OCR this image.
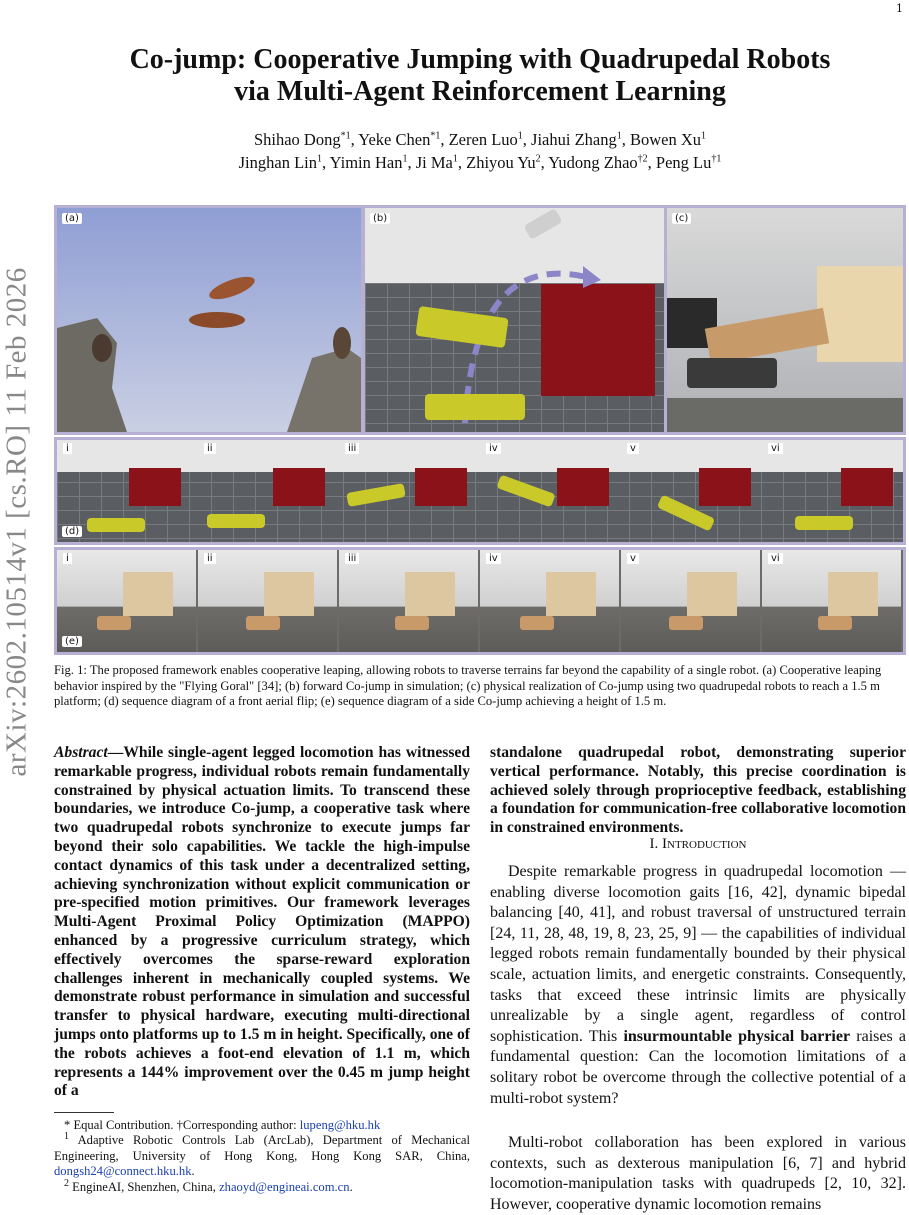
1
arXiv:2602.10514v1 [cs.RO] 11 Feb 2026
Co-jump: Cooperative Jumping with Quadrupedal Robots
via Multi-Agent Reinforcement Learning
Shihao Dong$^{*1}$, Yeke Chen$^{*1}$, Zeren Luo$^1$, Jiahui Zhang$^1$, Bowen Xu$^1$
Jinghan Lin$^1$, Yimin Han$^1$, Ji Ma$^1$, Zhiyou Yu$^2$, Yudong Zhao$^{\dagger 2}$, Peng Lu$^{\dagger 1}$
(a)	(b)	(c)
i	ii	iii	iv	v	vi
(d)
i	ii	iii	iv	v	vi
(e)
Fig. 1: The proposed framework enables cooperative leaping, allowing robots to traverse terrains far beyond the capability of a single robot. (a) Cooperative leaping behavior inspired by the "Flying Goral" [34]; (b) forward Co-jump in simulation; (c) physical realization of Co-jump using two quadrupedal robots to reach a 1.5 m platform; (d) sequence diagram of a front aerial flip; (e) sequence diagram of a side Co-jump achieving a height of 1.5 m.
Abstract—While single-agent legged locomotion has witnessed remarkable progress, individual robots remain fundamentally constrained by physical actuation limits. To transcend these boundaries, we introduce Co-jump, a cooperative task where two quadrupedal robots synchronize to execute jumps far beyond their solo capabilities. We tackle the high-impulse contact dynamics of this task under a decentralized setting, achieving synchronization without explicit communication or pre-specified motion primitives. Our framework leverages Multi-Agent Proximal Policy Optimization (MAPPO) enhanced by a progressive curriculum strategy, which effectively overcomes the sparse-reward exploration challenges inherent in mechanically coupled systems. We demonstrate robust performance in simulation and successful transfer to physical hardware, executing multi-directional jumps onto platforms up to 1.5 m in height. Specifically, one of the robots achieves a foot-end elevation of 1.1 m, which represents a 144% improvement over the 0.45 m jump height of a
standalone quadrupedal robot, demonstrating superior vertical performance. Notably, this precise coordination is achieved solely through proprioceptive feedback, establishing a foundation for communication-free collaborative locomotion in constrained environments.
I. Introduction
Despite remarkable progress in quadrupedal locomotion — enabling diverse locomotion gaits [16, 42], dynamic bipedal balancing [40, 41], and robust traversal of unstructured terrain [24, 11, 28, 48, 19, 8, 23, 25, 9] — the capabilities of individual legged robots remain fundamentally bounded by their physical scale, actuation limits, and energetic constraints. Consequently, tasks that exceed these intrinsic limits are physically unrealizable by a single agent, regardless of control sophistication. This insurmountable physical barrier raises a fundamental question: Can the locomotion limitations of a solitary robot be overcome through the collective potential of a multi-robot system?
Multi-robot collaboration has been explored in various contexts, such as dexterous manipulation [6, 7] and hybrid locomotion-manipulation tasks with quadrupeds [2, 10, 32]. However, cooperative dynamic locomotion remains
* Equal Contribution. †Corresponding author: lupeng@hku.hk
$^1$ Adaptive Robotic Controls Lab (ArcLab), Department of Mechanical Engineering, University of Hong Kong, Hong Kong SAR, China, dongsh24@connect.hku.hk.
$^2$ EngineAI, Shenzhen, China, zhaoyd@engineai.com.cn.
